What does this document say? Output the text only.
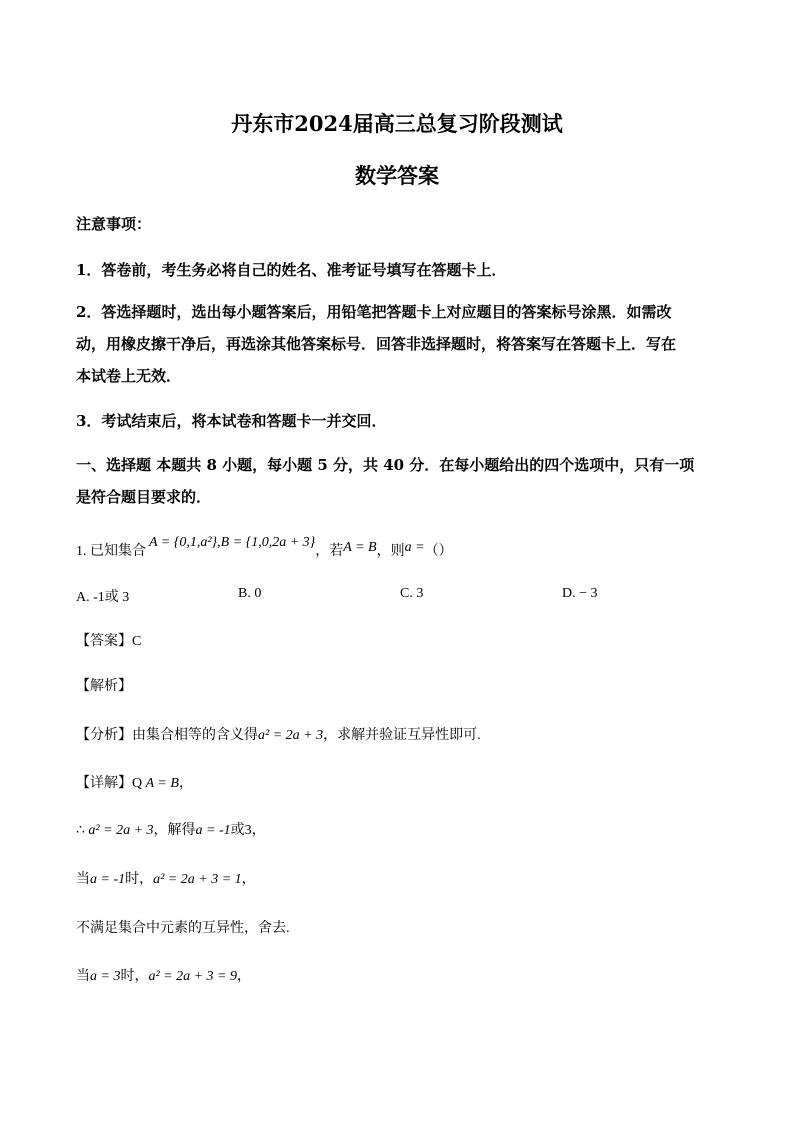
丹东市2024届高三总复习阶段测试
数学答案
注意事项：
1．答卷前，考生务必将自己的姓名、准考证号填写在答题卡上．
2．答选择题时，选出每小题答案后，用铅笔把答题卡上对应题目的答案标号涂黑．如需改
动，用橡皮擦干净后，再选涂其他答案标号．回答非选择题时，将答案写在答题卡上．写在
本试卷上无效．
3．考试结束后，将本试卷和答题卡一并交回．
一、选择题 本题共 8 小题，每小题 5 分，共 40 分．在每小题给出的四个选项中，只有一项
是符合题目要求的．
1. 已知集合A = {0,1,a²},B = {1,0,2a + 3}，若A = B，则a =（）
A. -1或 3	B. 0	C. 3	D. − 3
【答案】C
【解析】
【分析】由集合相等的含义得a² = 2a + 3，求解并验证互异性即可.
【详解】Q A = B，
∴ a² = 2a + 3，解得a = -1或3，
当a = -1时，a² = 2a + 3 = 1，
不满足集合中元素的互异性，舍去.
当a = 3时，a² = 2a + 3 = 9，
